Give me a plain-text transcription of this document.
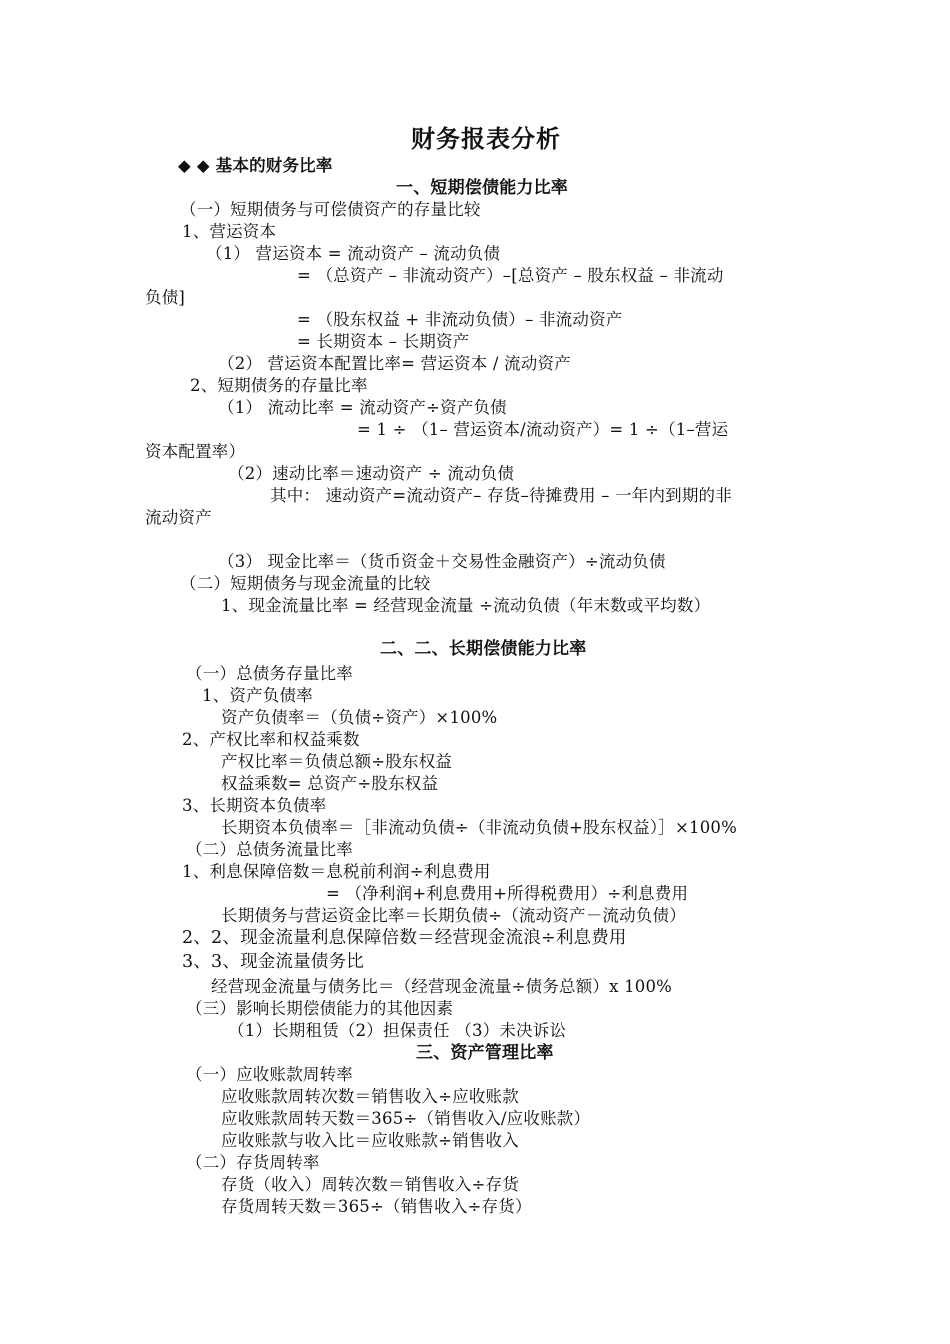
财务报表分析
◆ ◆ 基本的财务比率
一、短期偿债能力比率
（一）短期债务与可偿债资产的存量比较
1、营运资本
（1） 营运资本 = 流动资产 – 流动负债
= （总资产 – 非流动资产）–[总资产 – 股东权益 – 非流动
负债]
= （股东权益 + 非流动负债）– 非流动资产
= 长期资本 – 长期资产
（2） 营运资本配置比率= 营运资本 / 流动资产
2、短期债务的存量比率
（1） 流动比率 = 流动资产÷资产负债
= 1 ÷ （1– 营运资本/流动资产）= 1 ÷（1–营运
资本配置率）
（2）速动比率＝速动资产 ÷ 流动负债
其中： 速动资产=流动资产– 存货–待摊费用 – 一年内到期的非
流动资产
（3） 现金比率＝（货币资金＋交易性金融资产）÷流动负债
（二）短期债务与现金流量的比较
1、现金流量比率 = 经营现金流量 ÷流动负债（年末数或平均数）
二、二、长期偿债能力比率
（一）总债务存量比率
1、资产负债率
资产负债率＝（负债÷资产）×100%
2、产权比率和权益乘数
产权比率＝负债总额÷股东权益
权益乘数= 总资产÷股东权益
3、长期资本负债率
长期资本负债率＝［非流动负债÷（非流动负债+股东权益）］×100%
（二）总债务流量比率
1、利息保障倍数＝息税前利润÷利息费用
= （净利润+利息费用+所得税费用）÷利息费用
长期债务与营运资金比率＝长期负债÷（流动资产－流动负债）
2、2、现金流量利息保障倍数＝经营现金流浪÷利息费用
3、3、现金流量债务比
经营现金流量与债务比＝（经营现金流量÷债务总额）x 100%
（三）影响长期偿债能力的其他因素
（1）长期租赁（2）担保责任 （3）未决诉讼
三、资产管理比率
（一）应收账款周转率
应收账款周转次数＝销售收入÷应收账款
应收账款周转天数＝365÷（销售收入/应收账款）
应收账款与收入比＝应收账款÷销售收入
（二）存货周转率
存货（收入）周转次数＝销售收入÷存货
存货周转天数＝365÷（销售收入÷存货）
